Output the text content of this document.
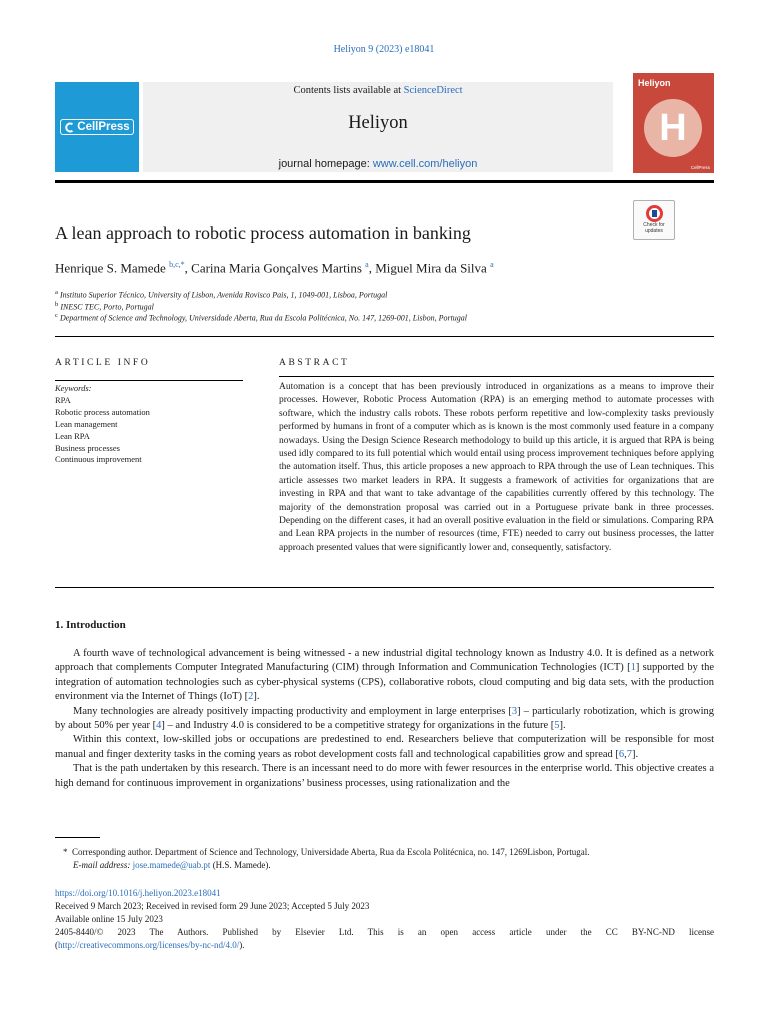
Heliyon 9 (2023) e18041
CellPress
Contents lists available at ScienceDirect
Heliyon
journal homepage: www.cell.com/heliyon
Heliyon
H
CellPress
Check for updates
A lean approach to robotic process automation in banking
Henrique S. Mamede $^{b,c,*}$, Carina Maria Gonçalves Martins $^a$, Miguel Mira da Silva $^a$
$^a$ Instituto Superior Técnico, University of Lisbon, Avenida Rovisco Pais, 1, 1049-001, Lisboa, Portugal
$^b$ INESC TEC, Porto, Portugal
$^c$ Department of Science and Technology, Universidade Aberta, Rua da Escola Politécnica, No. 147, 1269-001, Lisbon, Portugal
ARTICLE INFO	ABSTRACT
Keywords:
RPA
Robotic process automation
Lean management
Lean RPA
Business processes
Continuous improvement
Automation is a concept that has been previously introduced in organizations as a means to improve their processes. However, Robotic Process Automation (RPA) is an emerging method to automate processes with software, which the industry calls robots. These robots perform repetitive and low-complexity tasks previously performed by humans in front of a computer which as is known is the most commonly used feature in a company nowadays. Using the Design Science Research methodology to build up this article, it is argued that RPA is being used idly compared to its full potential which would entail using process improvement techniques before applying the automation itself. Thus, this article proposes a new approach to RPA through the use of Lean techniques. This article assesses two market leaders in RPA. It suggests a framework of activities for organizations that are investing in RPA and that want to take advantage of the capabilities currently offered by this technology. The majority of the demonstration proposal was carried out in a Portuguese private bank in three processes. Depending on the different cases, it had an overall positive evaluation in the field or simulations. Comparing RPA and Lean RPA projects in the number of resources (time, FTE) needed to carry out business processes, the latter approach presented values that were significantly lower and, consequently, satisfactory.
1. Introduction

A fourth wave of technological advancement is being witnessed - a new industrial digital technology known as Industry 4.0. It is defined as a network approach that complements Computer Integrated Manufacturing (CIM) through Information and Communication Technologies (ICT) [1] supported by the integration of automation technologies such as cyber-physical systems (CPS), collaborative robots, cloud computing and big data sets, with the production environment via the Internet of Things (IoT) [2].

Many technologies are already positively impacting productivity and employment in large enterprises [3] – particularly robotization, which is growing by about 50% per year [4] – and Industry 4.0 is considered to be a competitive strategy for organizations in the future [5].

Within this context, low-skilled jobs or occupations are predestined to end. Researchers believe that computerization will be responsible for most manual and finger dexterity tasks in the coming years as robot development costs fall and technological capabilities grow and spread [6,7].

That is the path undertaken by this research. There is an incessant need to do more with fewer resources in the enterprise world. This objective creates a high demand for continuous improvement in organizations’ business processes, using rationalization and the

* Corresponding author. Department of Science and Technology, Universidade Aberta, Rua da Escola Politécnica, no. 147, 1269Lisbon, Portugal.
E-mail address: jose.mamede@uab.pt (H.S. Mamede).
https://doi.org/10.1016/j.heliyon.2023.e18041
Received 9 March 2023; Received in revised form 29 June 2023; Accepted 5 July 2023
Available online 15 July 2023
2405-8440/© 2023 The Authors. Published by Elsevier Ltd. This is an open access article under the CC BY-NC-ND license
(http://creativecommons.org/licenses/by-nc-nd/4.0/).
